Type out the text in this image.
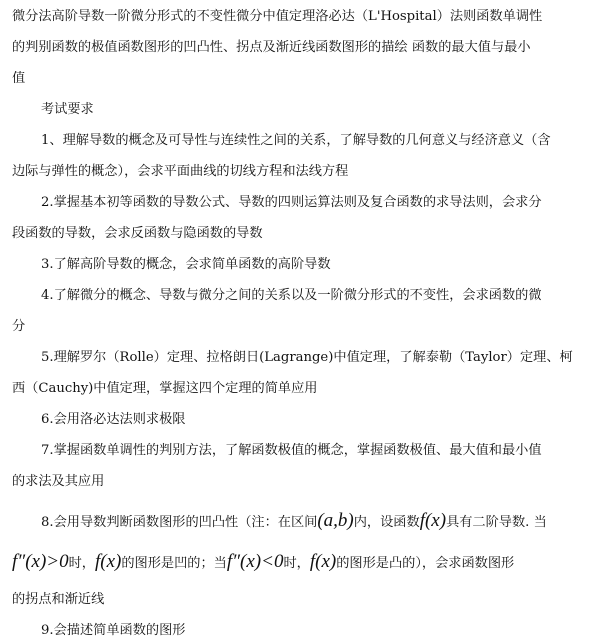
微分法高阶导数一阶微分形式的不变性微分中值定理洛必达（L'Hospital）法则函数单调性
的判别函数的极值函数图形的凹凸性、拐点及渐近线函数图形的描绘 函数的最大值与最小
值
考试要求
1、理解导数的概念及可导性与连续性之间的关系，了解导数的几何意义与经济意义（含
边际与弹性的概念），会求平面曲线的切线方程和法线方程
2.掌握基本初等函数的导数公式、导数的四则运算法则及复合函数的求导法则，会求分
段函数的导数，会求反函数与隐函数的导数
3.了解高阶导数的概念，会求简单函数的高阶导数
4.了解微分的概念、导数与微分之间的关系以及一阶微分形式的不变性，会求函数的微
分
5.理解罗尔（Rolle）定理、拉格朗日(Lagrange)中值定理，了解泰勒（Taylor）定理、柯
西（Cauchy)中值定理，掌握这四个定理的简单应用
6.会用洛必达法则求极限
7.掌握函数单调性的判别方法，了解函数极值的概念，掌握函数极值、最大值和最小值
的求法及其应用
8.会用导数判断函数图形的凹凸性（注：在区间(a,b)内，设函数f(x)具有二阶导数. 当
f″(x)>0时，f(x)的图形是凹的；当f″(x)<0时，f(x)的图形是凸的），会求函数图形
的拐点和渐近线
9.会描述简单函数的图形
